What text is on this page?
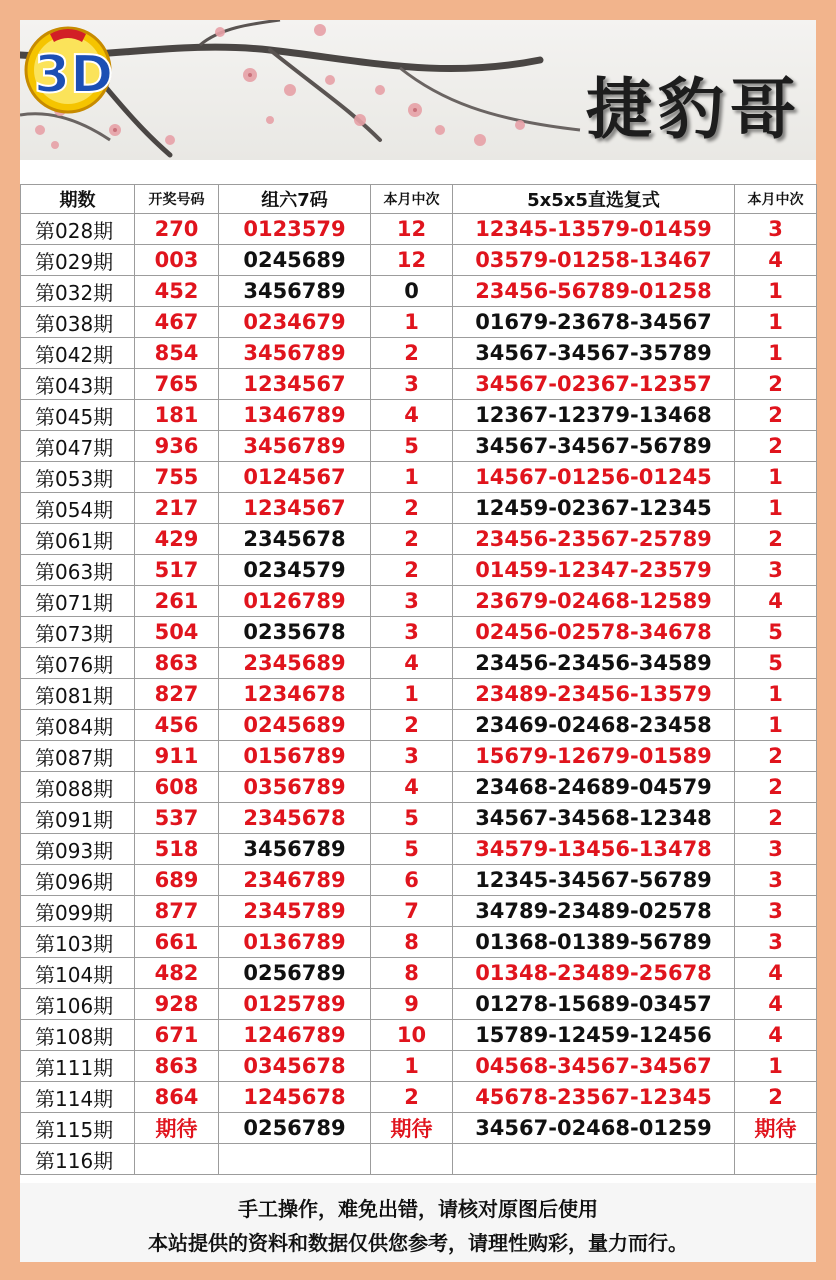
3D	捷豹哥
期数	开奖号码	组六7码	本月中次	5x5x5直选复式	本月中次
第028期	270	0123579	12	12345-13579-01459	3
第029期	003	0245689	12	03579-01258-13467	4
第032期	452	3456789	0	23456-56789-01258	1
第038期	467	0234679	1	01679-23678-34567	1
第042期	854	3456789	2	34567-34567-35789	1
第043期	765	1234567	3	34567-02367-12357	2
第045期	181	1346789	4	12367-12379-13468	2
第047期	936	3456789	5	34567-34567-56789	2
第053期	755	0124567	1	14567-01256-01245	1
第054期	217	1234567	2	12459-02367-12345	1
第061期	429	2345678	2	23456-23567-25789	2
第063期	517	0234579	2	01459-12347-23579	3
第071期	261	0126789	3	23679-02468-12589	4
第073期	504	0235678	3	02456-02578-34678	5
第076期	863	2345689	4	23456-23456-34589	5
第081期	827	1234678	1	23489-23456-13579	1
第084期	456	0245689	2	23469-02468-23458	1
第087期	911	0156789	3	15679-12679-01589	2
第088期	608	0356789	4	23468-24689-04579	2
第091期	537	2345678	5	34567-34568-12348	2
第093期	518	3456789	5	34579-13456-13478	3
第096期	689	2346789	6	12345-34567-56789	3
第099期	877	2345789	7	34789-23489-02578	3
第103期	661	0136789	8	01368-01389-56789	3
第104期	482	0256789	8	01348-23489-25678	4
第106期	928	0125789	9	01278-15689-03457	4
第108期	671	1246789	10	15789-12459-12456	4
第111期	863	0345678	1	04568-34567-34567	1
第114期	864	1245678	2	45678-23567-12345	2
第115期	期待	0256789	期待	34567-02468-01259	期待
第116期					
手工操作，难免出错，请核对原图后使用
本站提供的资料和数据仅供您参考，请理性购彩，量力而行。
